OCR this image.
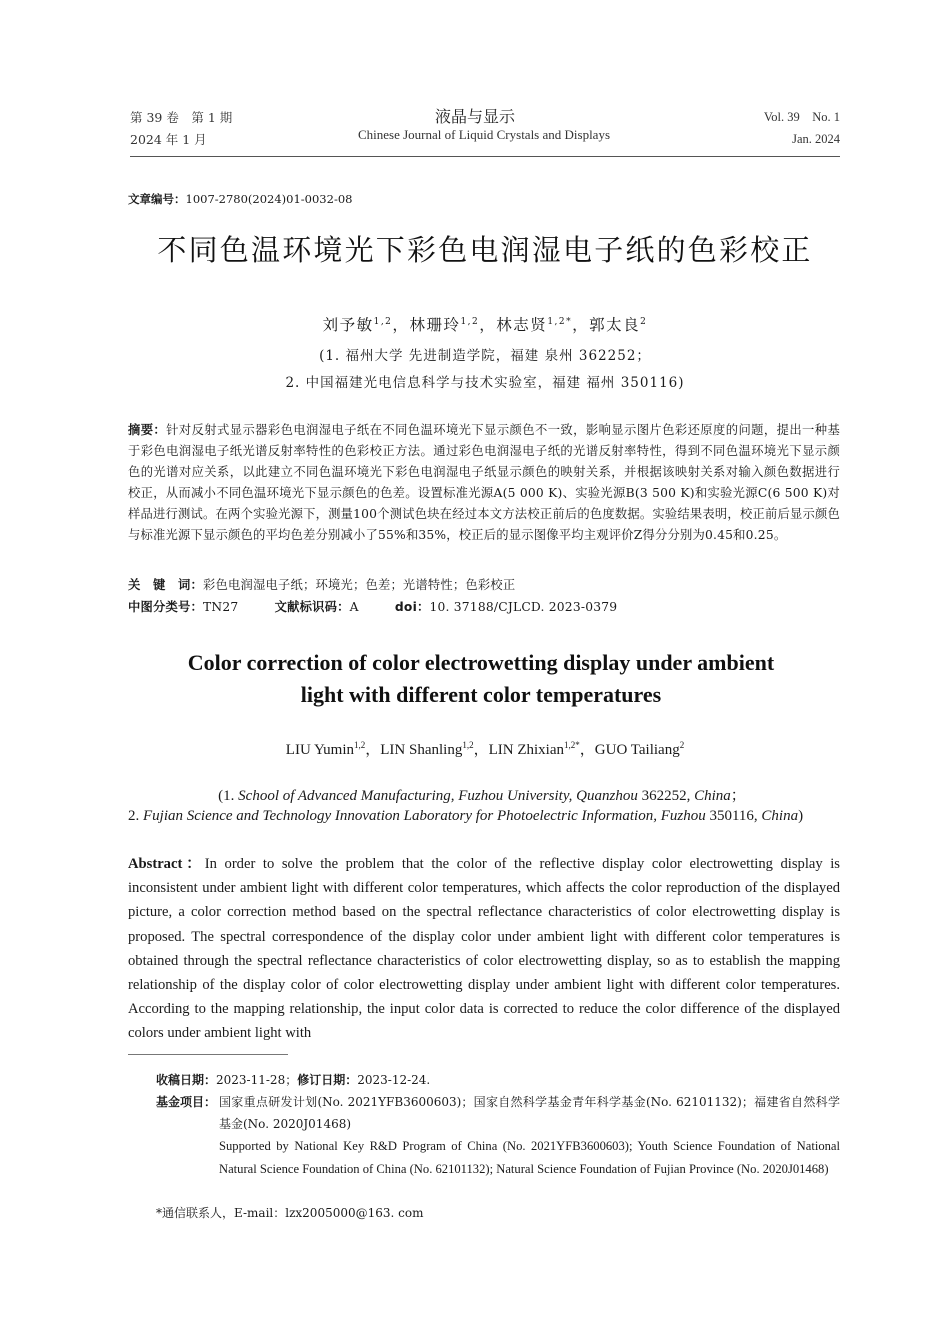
第 39 卷　第 1 期
2024 年 1 月
液晶与显示
Chinese Journal of Liquid Crystals and Displays
Vol. 39　No. 1
Jan. 2024
文章编号：1007-2780(2024)01-0032-08
不同色温环境光下彩色电润湿电子纸的色彩校正
刘予敏$^{1,2}$，林珊玲$^{1,2}$，林志贤$^{1,2*}$，郭太良$^2$
(1. 福州大学 先进制造学院，福建 泉州 362252；
2. 中国福建光电信息科学与技术实验室，福建 福州 350116)
摘要：针对反射式显示器彩色电润湿电子纸在不同色温环境光下显示颜色不一致，影响显示图片色彩还原度的问题，提出一种基于彩色电润湿电子纸光谱反射率特性的色彩校正方法。通过彩色电润湿电子纸的光谱反射率特性，得到不同色温环境光下显示颜色的光谱对应关系，以此建立不同色温环境光下彩色电润湿电子纸显示颜色的映射关系，并根据该映射关系对输入颜色数据进行校正，从而减小不同色温环境光下显示颜色的色差。设置标准光源A(5 000 K)、实验光源B(3 500 K)和实验光源C(6 500 K)对样品进行测试。在两个实验光源下，测量100个测试色块在经过本文方法校正前后的色度数据。实验结果表明，校正前后显示颜色与标准光源下显示颜色的平均色差分别减小了55%和35%，校正后的显示图像平均主观评价Z得分分别为0.45和0.25。
关　键　词：彩色电润湿电子纸；环境光；色差；光谱特性；色彩校正
中图分类号：TN27	文献标识码：A	doi：10. 37188/CJLCD. 2023-0379
Color correction of color electrowetting display under ambient
light with different color temperatures
LIU Yumin$^{1,2}$，LIN Shanling$^{1,2}$，LIN Zhixian$^{1,2*}$，GUO Tailiang$^2$
(1. School of Advanced Manufacturing, Fuzhou University, Quanzhou 362252, China；
2. Fujian Science and Technology Innovation Laboratory for Photoelectric Information, Fuzhou 350116, China)
Abstract：In order to solve the problem that the color of the reflective display color electrowetting display is inconsistent under ambient light with different color temperatures, which affects the color reproduction of the displayed picture, a color correction method based on the spectral reflectance characteristics of color electrowetting display is proposed. The spectral correspondence of the display color under ambient light with different color temperatures is obtained through the spectral reflectance characteristics of color electrowetting display, so as to establish the mapping relationship of the display color of color electrowetting display under ambient light with different color temperatures. According to the mapping relationship, the input color data is corrected to reduce the color difference of the displayed colors under ambient light with
收稿日期：2023-11-28；修订日期：2023-12-24.
基金项目： 国家重点研发计划(No. 2021YFB3600603)；国家自然科学基金青年科学基金(No. 62101132)；福建省自然科学基金(No. 2020J01468)
Supported by National Key R&D Program of China (No. 2021YFB3600603); Youth Science Foundation of National Natural Science Foundation of China (No. 62101132); Natural Science Foundation of Fujian Province (No. 2020J01468)
*通信联系人，E-mail：lzx2005000@163. com
